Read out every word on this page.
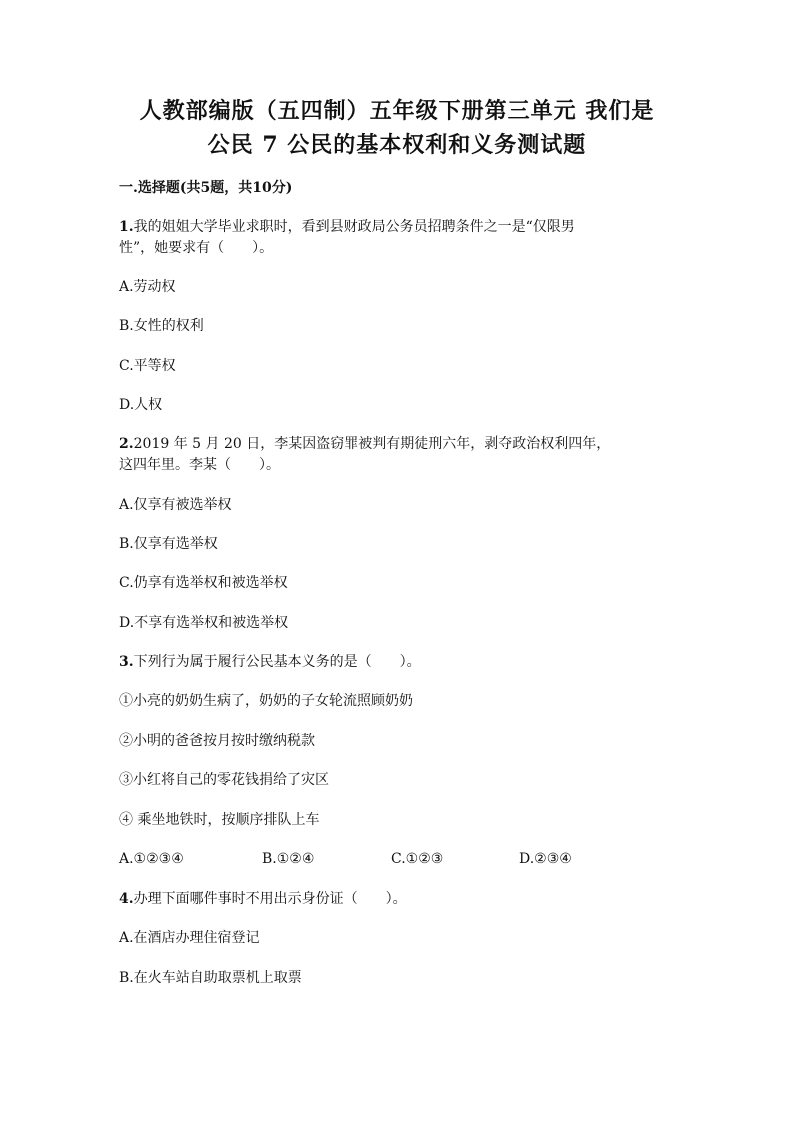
人教部编版（五四制）五年级下册第三单元 我们是
公民 7 公民的基本权利和义务测试题
一.选择题(共5题，共10分)
1.我的姐姐大学毕业求职时，看到县财政局公务员招聘条件之一是“仅限男
性”，她要求有（　　）。
A.劳动权
B.女性的权利
C.平等权
D.人权
2.2019 年 5 月 20 日，李某因盗窃罪被判有期徒刑六年，剥夺政治权利四年，
这四年里。李某（　　）。
A.仅享有被选举权
B.仅享有选举权
C.仍享有选举权和被选举权
D.不享有选举权和被选举权
3.下列行为属于履行公民基本义务的是（　　）。
①小亮的奶奶生病了，奶奶的子女轮流照顾奶奶
②小明的爸爸按月按时缴纳税款
③小红将自己的零花钱捐给了灾区
④ 乘坐地铁时，按顺序排队上车
A.①②③④	B.①②④	C.①②③	D.②③④
4.办理下面哪件事时不用出示身份证（　　）。
A.在酒店办理住宿登记
B.在火车站自助取票机上取票
